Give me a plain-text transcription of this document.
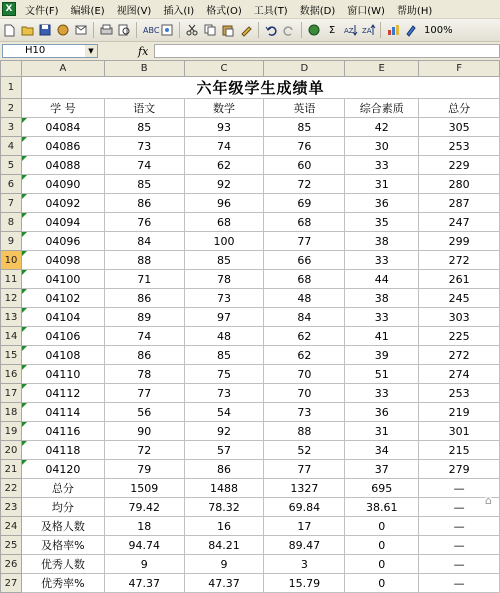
X	文件(F)	编辑(E)	视图(V)	插入(I)	格式(O)	工具(T)	数据(D)	窗口(W)	帮助(H)
ABC	Σ	AZ ZA	100%
H10	▼	fx
	A	B	C	D	E	F
1	六年级学生成绩单					
2	学 号	语文	数学	英语	综合素质	总分
3	04084	85	93	85	42	305
4	04086	73	74	76	30	253
5	04088	74	62	60	33	229
6	04090	85	92	72	31	280
7	04092	86	96	69	36	287
8	04094	76	68	68	35	247
9	04096	84	100	77	38	299
10	04098	88	85	66	33	272
11	04100	71	78	68	44	261
12	04102	86	73	48	38	245
13	04104	89	97	84	33	303
14	04106	74	48	62	41	225
15	04108	86	85	62	39	272
16	04110	78	75	70	51	274
17	04112	77	73	70	33	253
18	04114	56	54	73	36	219
19	04116	90	92	88	31	301
20	04118	72	57	52	34	215
21	04120	79	86	77	37	279
22	总分	1509	1488	1327	695	—
23	均分	79.42	78.32	69.84	38.61	—
24	及格人数	18	16	17	0	—
25	及格率%	94.74	84.21	89.47	0	—
26	优秀人数	9	9	3	0	—
27	优秀率%	47.37	47.37	15.79	0	—
⌂
